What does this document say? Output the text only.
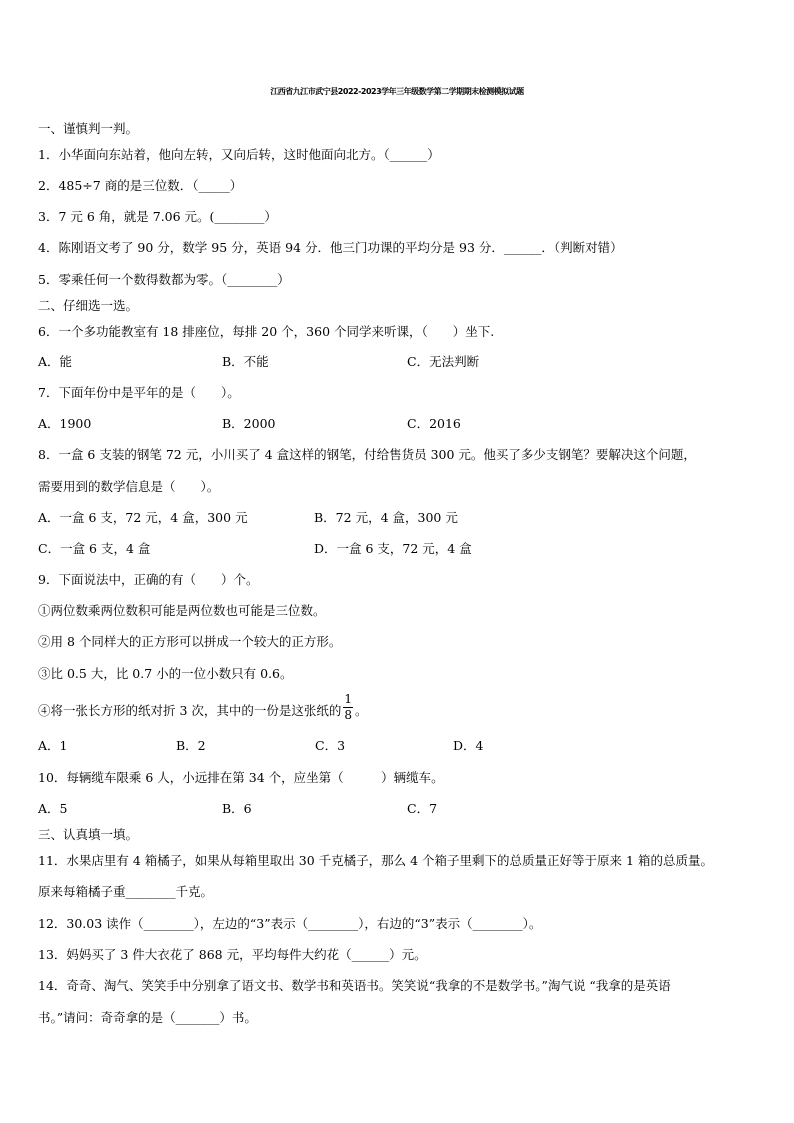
江西省九江市武宁县2022-2023学年三年级数学第二学期期末检测模拟试题
一、谨慎判一判。
1．小华面向东站着，他向左转，又向后转，这时他面向北方。（______）
2．485÷7 商的是三位数．（_____）
3．7 元 6 角，就是 7.06 元。(________）
4．陈刚语文考了 90 分，数学 95 分，英语 94 分．他三门功课的平均分是 93 分．______．（判断对错）
5．零乘任何一个数得数都为零。（________）
二、仔细选一选。
6．一个多功能教室有 18 排座位，每排 20 个，360 个同学来听课，（　　）坐下.
A．能	B．不能	C．无法判断
7．下面年份中是平年的是（　　）。
A．1900	B．2000	C．2016
8．一盒 6 支装的钢笔 72 元，小川买了 4 盒这样的钢笔，付给售货员 300 元。他买了多少支钢笔？要解决这个问题，
需要用到的数学信息是（　　）。
A．一盒 6 支，72 元，4 盒，300 元	B．72 元，4 盒，300 元
C．一盒 6 支，4 盒	D．一盒 6 支，72 元，4 盒
9．下面说法中，正确的有（　　）个。
①两位数乘两位数积可能是两位数也可能是三位数。
②用 8 个同样大的正方形可以拼成一个较大的正方形。
③比 0.5 大，比 0.7 小的一位小数只有 0.6。
④将一张长方形的纸对折 3 次，其中的一份是这张纸的 $\frac{1}{8}$ 。
A．1	B．2	C．3	D．4
10．每辆缆车限乘 6 人，小远排在第 34 个，应坐第（　　　）辆缆车。
A．5	B．6	C．7
三、认真填一填。
11．水果店里有 4 箱橘子，如果从每箱里取出 30 千克橘子，那么 4 个箱子里剩下的总质量正好等于原来 1 箱的总质量。
原来每箱橘子重________千克。
12．30.03 读作（________），左边的“3”表示（________），右边的“3”表示（________）。
13．妈妈买了 3 件大衣花了 868 元，平均每件大约花（______）元。
14．奇奇、淘气、笑笑手中分别拿了语文书、数学书和英语书。笑笑说“我拿的不是数学书。”淘气说 “我拿的是英语
书。”请问：奇奇拿的是（_______）书。
